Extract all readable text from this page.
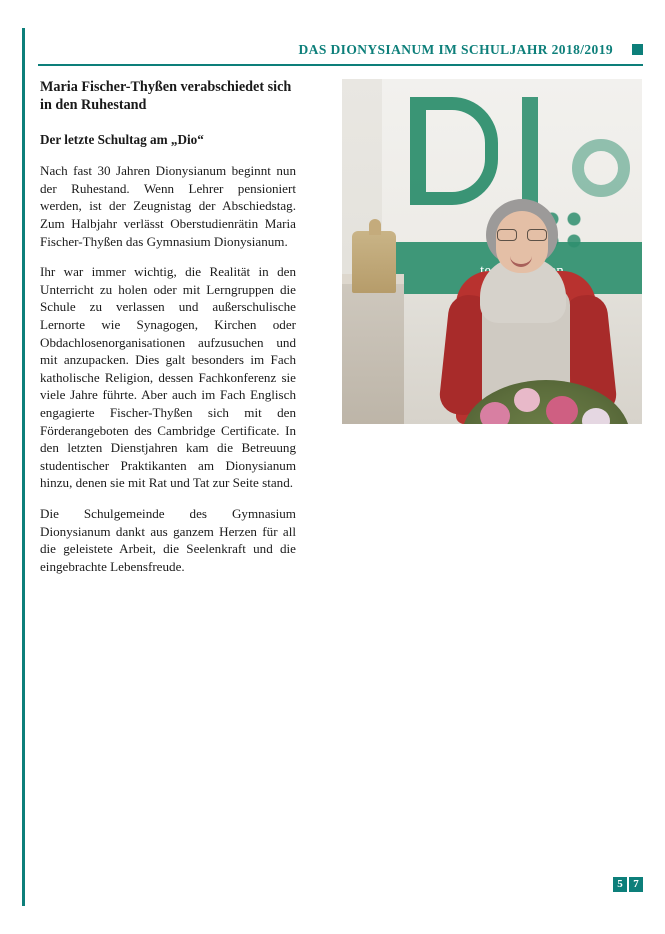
DAS DIONYSIANUM IM SCHULJAHR 2018/2019
Maria Fischer-Thyßen verabschiedet sich in den Ruhestand
Der letzte Schultag am „Dio“

Nach fast 30 Jahren Dionysianum beginnt nun der Ruhestand. Wenn Lehrer pensioniert werden, ist der Zeugnistag der Abschiedstag. Zum Halbjahr verlässt Oberstudienrätin Maria Fischer-Thyßen das Gymnasium Dionysianum.

Ihr war immer wichtig, die Realität in den Unterricht zu holen oder mit Lerngruppen die Schule zu verlassen und außerschulische Lernorte wie Synagogen, Kirchen oder Obdachlosenorganisationen aufzusuchen und mit anzupacken. Dies galt besonders im Fach katholische Religion, dessen Fachkonferenz sie viele Jahre führte. Aber auch im Fach Englisch engagierte Fischer-Thyßen sich mit den Förderangeboten des Cambridge Certificate. In den letzten Dienstjahren kam die Betreuung studentischer Praktikanten am Dionysianum hinzu, denen sie mit Rat und Tat zur Seite stand.

Die Schulgemeinde des Gymnasium Dionysianum dankt aus ganzem Herzen für all die geleistete Arbeit, die Seelenkraft und die eingebrachte Lebensfreude.

5 7
